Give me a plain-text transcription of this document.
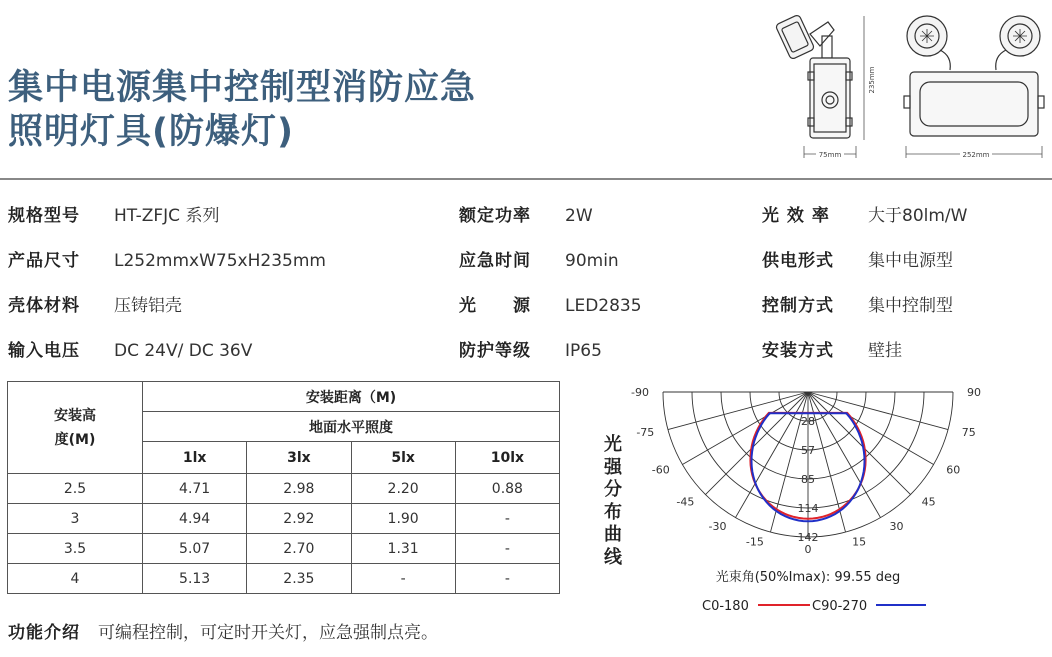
集中电源集中控制型消防应急
照明灯具(防爆灯)
75mm
235mm
252mm
规格型号 HT-ZFJC 系列
产品尺寸 L252mmxW75xH235mm
壳体材料 压铸铝壳
输入电压 DC 24V/ DC 36V
额定功率 2W
应急时间 90min
光　　源 LED2835
防护等级 IP65
光 效 率 大于80lm/W
供电形式 集中电源型
控制方式 集中控制型
安装方式 壁挂
安装高
度(M)	安装距离（M)			
	地面水平照度			
	1lx	3lx	5lx	10lx
2.5	4.71	2.98	2.20	0.88
3	4.94	2.92	1.90	-
3.5	5.07	2.70	1.31	-
4	5.13	2.35	-	-
光强分布曲线
28
57
85
114
142
-90
-75
-60
-45
-30
-15
90
75
60
45
30
15
0
光束角(50%Imax): 99.55 deg
C0-180	C90-270
功能介绍 可编程控制，可定时开关灯，应急强制点亮。
